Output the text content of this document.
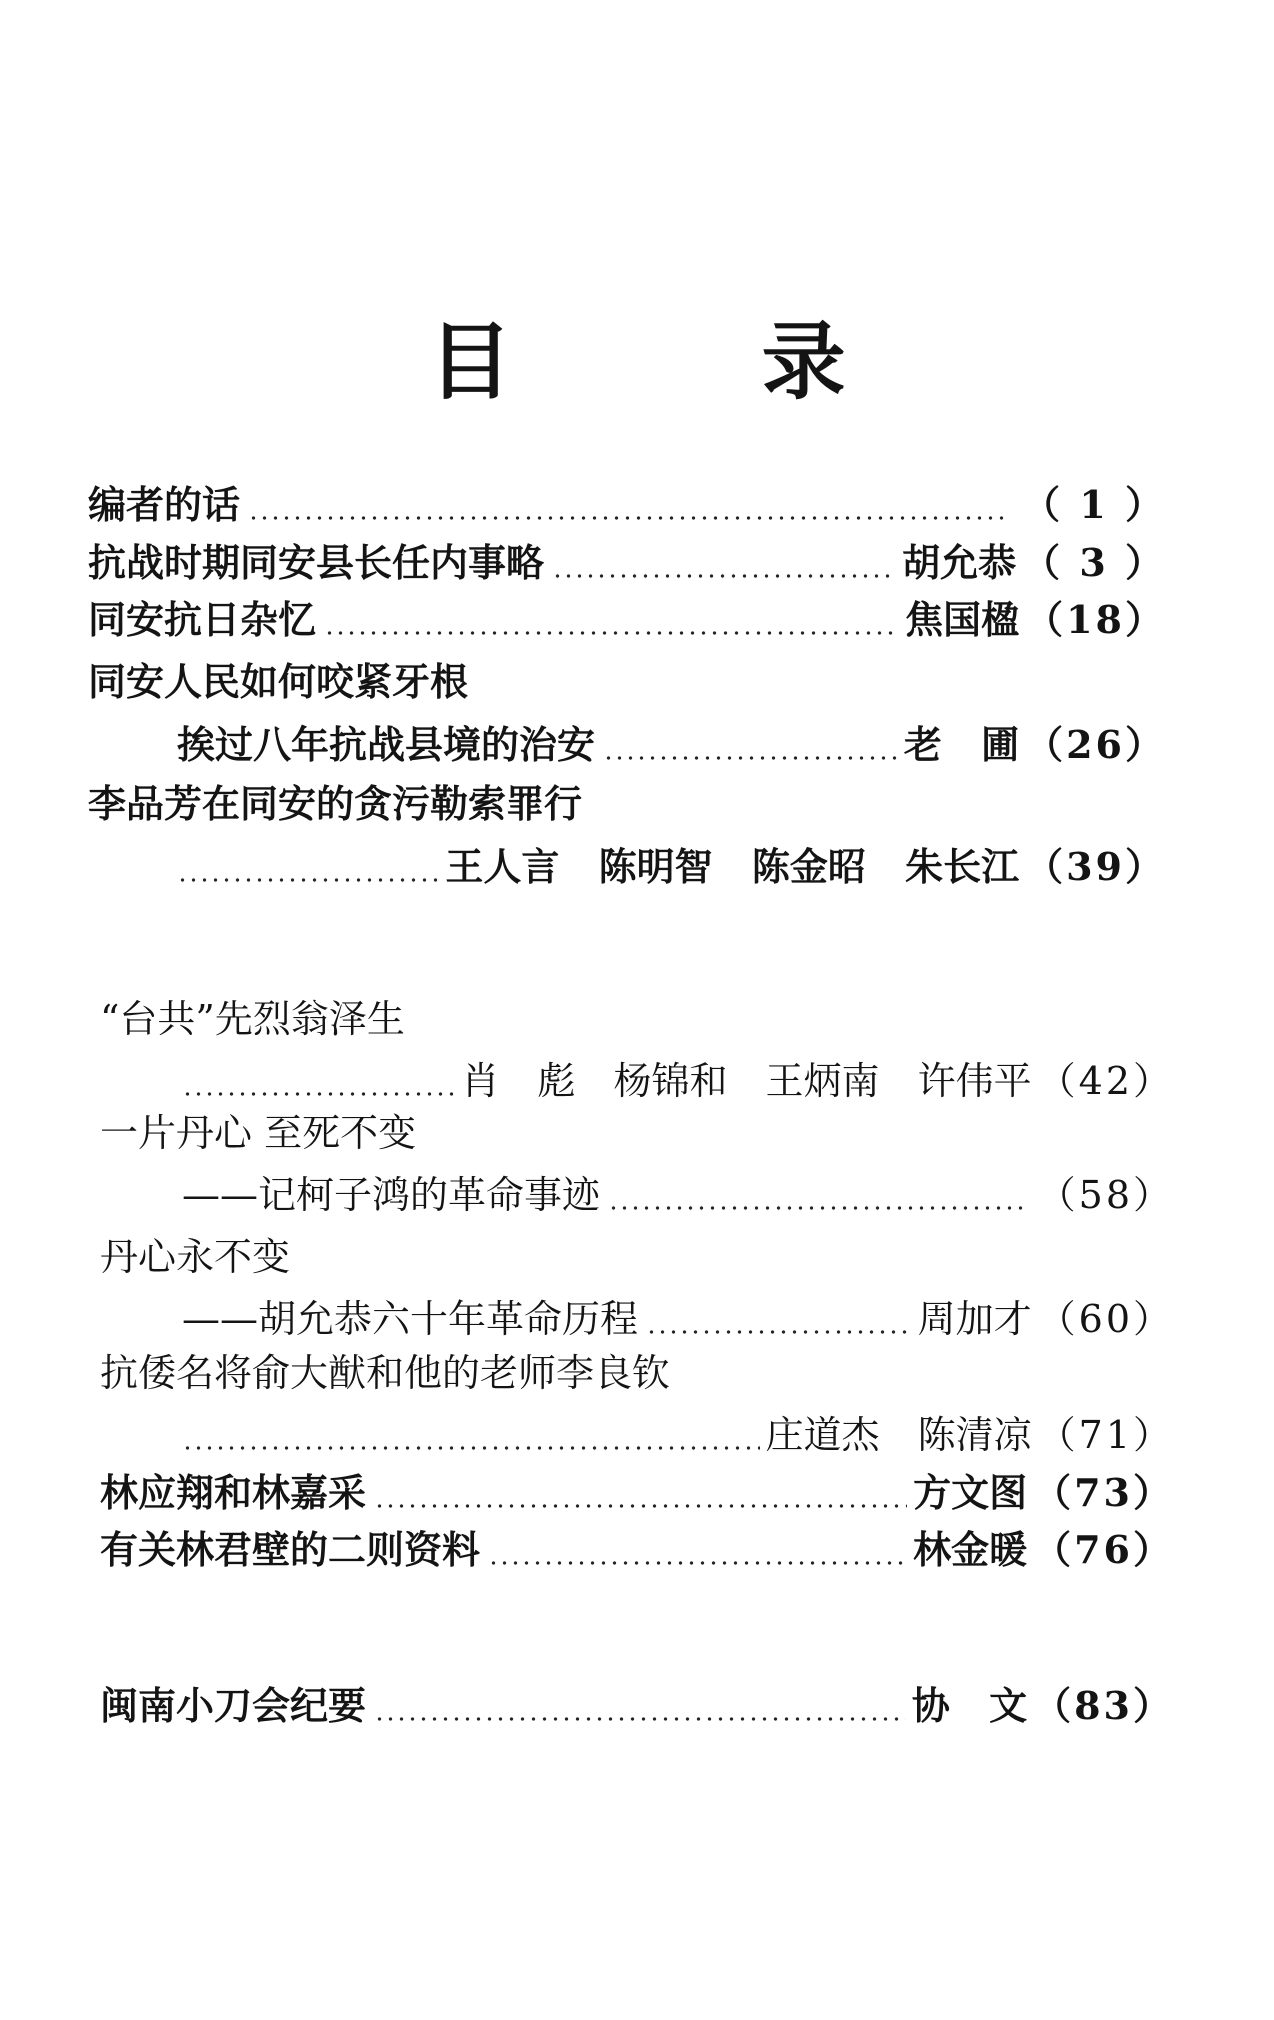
目 录
编者的话	（ 1 ）
抗战时期同安县长任内事略	胡允恭 （ 3 ）
同安抗日杂忆	焦国楹 （18）
同安人民如何咬紧牙根
挨过八年抗战县境的治安	老 圃 （26）
李品芳在同安的贪污勒索罪行
王人言 陈明智 陈金昭 朱长江 （39）
“台共”先烈翁泽生
肖 彪 杨锦和 王炳南 许伟平 （42）
一片丹心 至死不变
——记柯子鸿的革命事迹	（58）
丹心永不变
——胡允恭六十年革命历程	周加才 （60）
抗倭名将俞大猷和他的老师李良钦
庄道杰 陈清凉 （71）
林应翔和林嘉采	方文图 （73）
有关林君壁的二则资料	林金暖 （76）
闽南小刀会纪要	协 文 （83）
